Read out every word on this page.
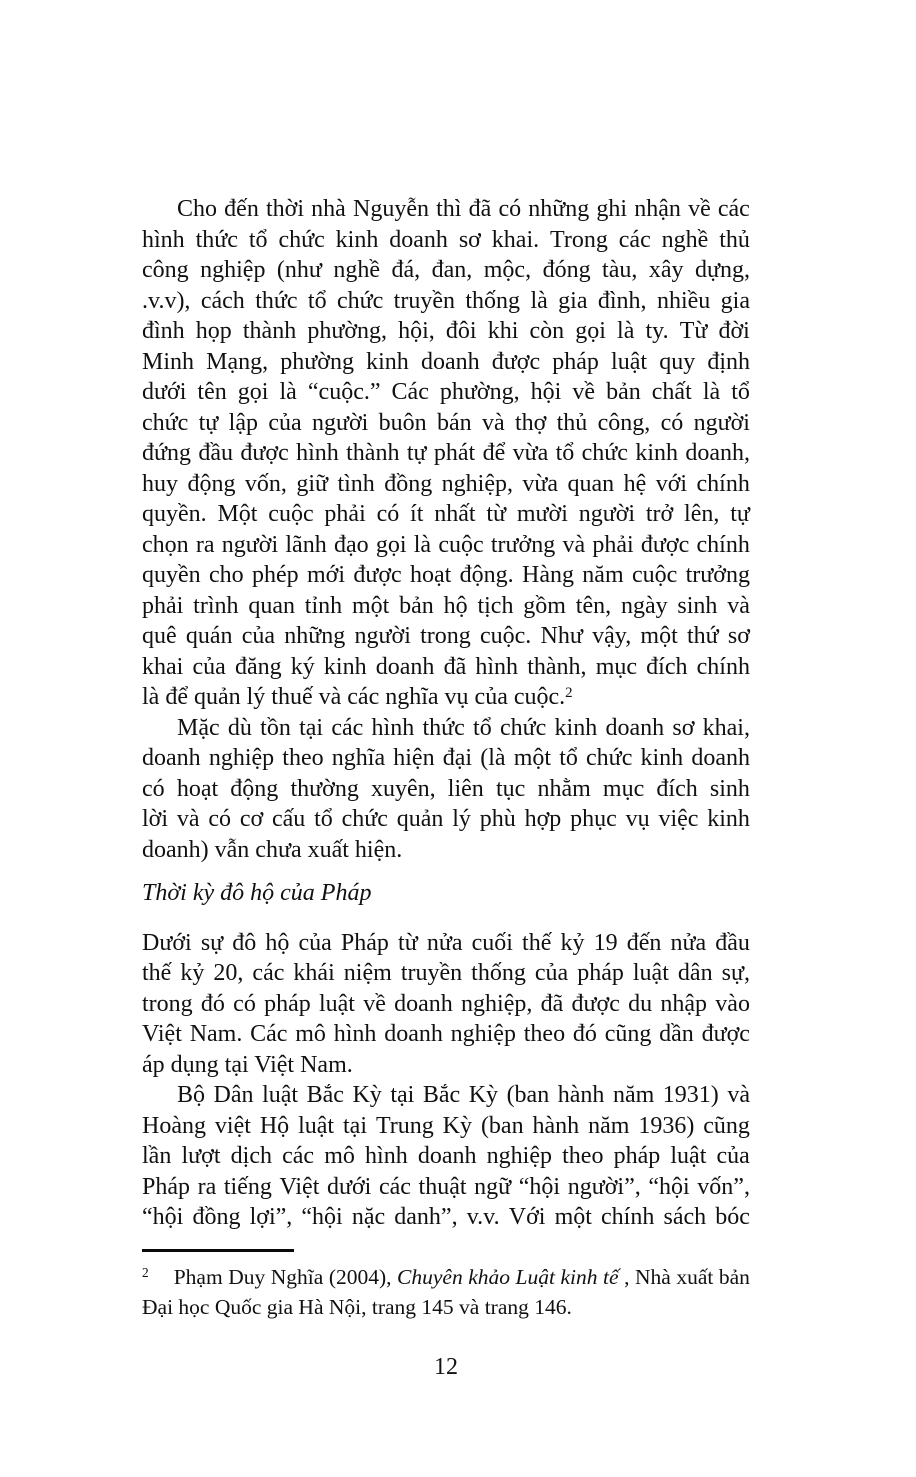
Cho đến thời nhà Nguyễn thì đã có những ghi nhận về các
hình thức tổ chức kinh doanh sơ khai. Trong các nghề thủ
công nghiệp (như nghề đá, đan, mộc, đóng tàu, xây dựng,
.v.v), cách thức tổ chức truyền thống là gia đình, nhiều gia
đình họp thành phường, hội, đôi khi còn gọi là ty. Từ đời
Minh Mạng, phường kinh doanh được pháp luật quy định
dưới tên gọi là “cuộc.” Các phường, hội về bản chất là tổ
chức tự lập của người buôn bán và thợ thủ công, có người
đứng đầu được hình thành tự phát để vừa tổ chức kinh doanh,
huy động vốn, giữ tình đồng nghiệp, vừa quan hệ với chính
quyền. Một cuộc phải có ít nhất từ mười người trở lên, tự
chọn ra người lãnh đạo gọi là cuộc trưởng và phải được chính
quyền cho phép mới được hoạt động. Hàng năm cuộc trưởng
phải trình quan tỉnh một bản hộ tịch gồm tên, ngày sinh và
quê quán của những người trong cuộc. Như vậy, một thứ sơ
khai của đăng ký kinh doanh đã hình thành, mục đích chính
là để quản lý thuế và các nghĩa vụ của cuộc.$^2$
Mặc dù tồn tại các hình thức tổ chức kinh doanh sơ khai,
doanh nghiệp theo nghĩa hiện đại (là một tổ chức kinh doanh
có hoạt động thường xuyên, liên tục nhằm mục đích sinh
lời và có cơ cấu tổ chức quản lý phù hợp phục vụ việc kinh
doanh) vẫn chưa xuất hiện.
Thời kỳ đô hộ của Pháp
Dưới sự đô hộ của Pháp từ nửa cuối thế kỷ 19 đến nửa đầu
thế kỷ 20, các khái niệm truyền thống của pháp luật dân sự,
trong đó có pháp luật về doanh nghiệp, đã được du nhập vào
Việt Nam. Các mô hình doanh nghiệp theo đó cũng dần được
áp dụng tại Việt Nam.
Bộ Dân luật Bắc Kỳ tại Bắc Kỳ (ban hành năm 1931) và
Hoàng việt Hộ luật tại Trung Kỳ (ban hành năm 1936) cũng
lần lượt dịch các mô hình doanh nghiệp theo pháp luật của
Pháp ra tiếng Việt dưới các thuật ngữ “hội người”, “hội vốn”,
“hội đồng lợi”, “hội nặc danh”, v.v. Với một chính sách bóc
2 Phạm Duy Nghĩa (2004), Chuyên khảo Luật kinh tế , Nhà xuất bản
Đại học Quốc gia Hà Nội, trang 145 và trang 146.
12
